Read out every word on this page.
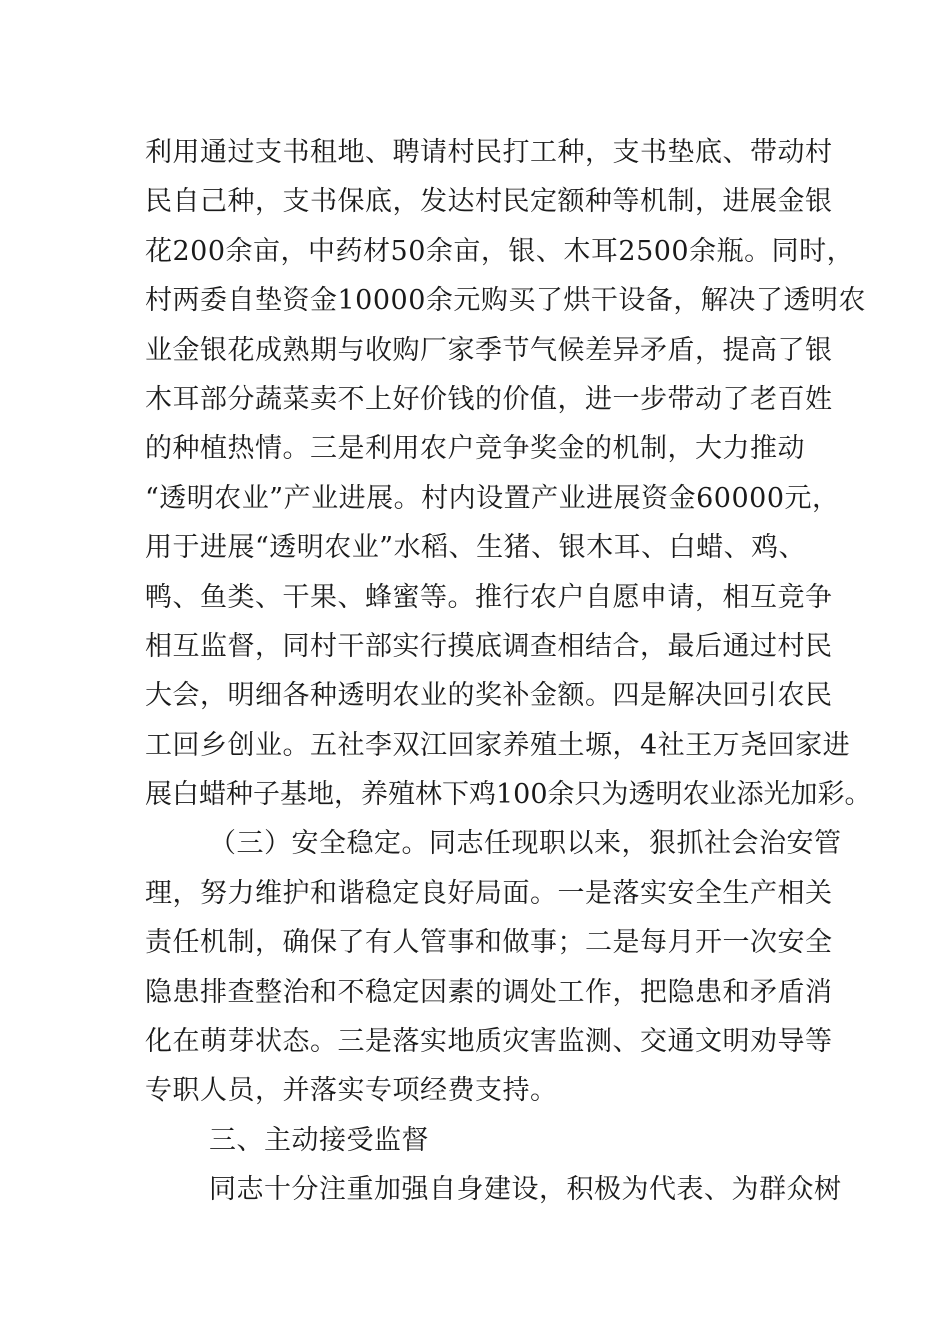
利用通过支书租地、聘请村民打工种，支书垫底、带动村
民自己种，支书保底，发达村民定额种等机制，进展金银
花200余亩，中药材50余亩，银、木耳2500余瓶。同时，
村两委自垫资金10000余元购买了烘干设备，解决了透明农
业金银花成熟期与收购厂家季节气候差异矛盾，提高了银
木耳部分蔬菜卖不上好价钱的价值，进一步带动了老百姓
的种植热情。三是利用农户竞争奖金的机制，大力推动
“透明农业”产业进展。村内设置产业进展资金60000元，
用于进展“透明农业”水稻、生猪、银木耳、白蜡、鸡、
鸭、鱼类、干果、蜂蜜等。推行农户自愿申请，相互竞争
相互监督，同村干部实行摸底调查相结合，最后通过村民
大会，明细各种透明农业的奖补金额。四是解决回引农民
工回乡创业。五社李双江回家养殖土塬，4社王万尧回家进
展白蜡种子基地，养殖林下鸡100余只为透明农业添光加彩。
（三）安全稳定。同志任现职以来，狠抓社会治安管
理，努力维护和谐稳定良好局面。一是落实安全生产相关
责任机制，确保了有人管事和做事；二是每月开一次安全
隐患排查整治和不稳定因素的调处工作，把隐患和矛盾消
化在萌芽状态。三是落实地质灾害监测、交通文明劝导等
专职人员，并落实专项经费支持。
三、主动接受监督
同志十分注重加强自身建设，积极为代表、为群众树
